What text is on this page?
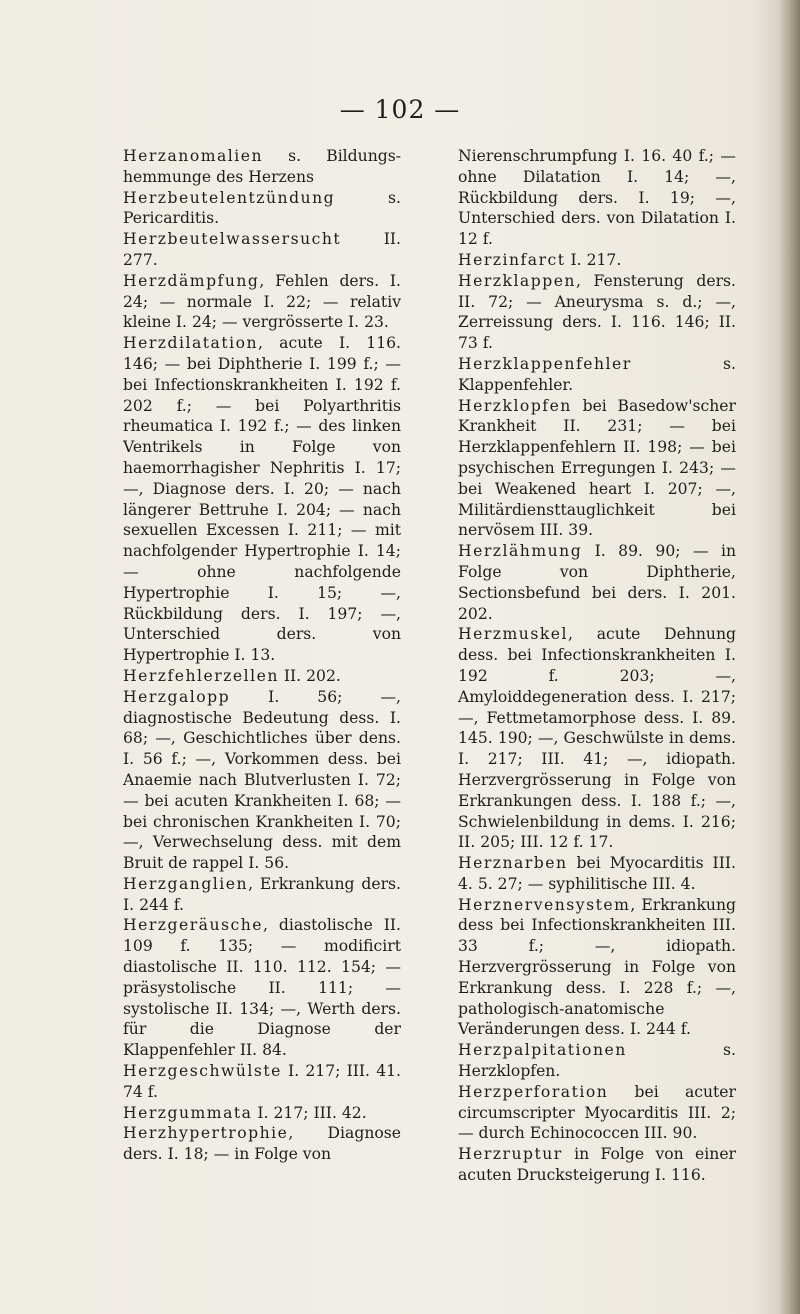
— 102 —
Herzanomalien s. Bildungs-hemmunge des Herzens
Herzbeutelentzündung s. Pericarditis.
Herzbeutelwassersucht II. 277.
Herzdämpfung, Fehlen ders. I. 24; — normale I. 22; — relativ kleine I. 24; — vergrösserte I. 23.
Herzdilatation, acute I. 116. 146; — bei Diphtherie I. 199 f.; — bei Infectionskrankheiten I. 192 f. 202 f.; — bei Polyarthritis rheumatica I. 192 f.; — des linken Ventrikels in Folge von haemorrhagisher Nephritis I. 17; —, Diagnose ders. I. 20; — nach längerer Bettruhe I. 204; — nach sexuellen Excessen I. 211; — mit nachfolgender Hypertrophie I. 14; — ohne nachfolgende Hypertrophie I. 15; —, Rückbildung ders. I. 197; —, Unterschied ders. von Hypertrophie I. 13.
Herzfehlerzellen II. 202.
Herzgalopp I. 56; —, diagnostische Bedeutung dess. I. 68; —, Geschichtliches über dens. I. 56 f.; —, Vorkommen dess. bei Anaemie nach Blutverlusten I. 72; — bei acuten Krankheiten I. 68; — bei chronischen Krankheiten I. 70; —, Verwechselung dess. mit dem Bruit de rappel I. 56.
Herzganglien, Erkrankung ders. I. 244 f.
Herzgeräusche, diastolische II. 109 f. 135; — modificirt diastolische II. 110. 112. 154; — präsystolische II. 111; — systolische II. 134; —, Werth ders. für die Diagnose der Klappenfehler II. 84.
Herzgeschwülste I. 217; III. 41. 74 f.
Herzgummata I. 217; III. 42.
Herzhypertrophie, Diagnose ders. I. 18; — in Folge von
Nierenschrumpfung I. 16. 40 f.; — ohne Dilatation I. 14; —, Rückbildung ders. I. 19; —, Unterschied ders. von Dilatation I. 12 f.
Herzinfarct I. 217.
Herzklappen, Fensterung ders. II. 72; — Aneurysma s. d.; —, Zerreissung ders. I. 116. 146; II. 73 f.
Herzklappenfehler s. Klappenfehler.
Herzklopfen bei Basedow'scher Krankheit II. 231; — bei Herzklappenfehlern II. 198; — bei psychischen Erregungen I. 243; — bei Weakened heart I. 207; —, Militärdiensttauglichkeit bei nervösem III. 39.
Herzlähmung I. 89. 90; — in Folge von Diphtherie, Sectionsbefund bei ders. I. 201. 202.
Herzmuskel, acute Dehnung dess. bei Infectionskrankheiten I. 192 f. 203; —, Amyloiddegeneration dess. I. 217; —, Fettmetamorphose dess. I. 89. 145. 190; —, Geschwülste in dems. I. 217; III. 41; —, idiopath. Herzvergrösserung in Folge von Erkrankungen dess. I. 188 f.; —, Schwielenbildung in dems. I. 216; II. 205; III. 12 f. 17.
Herznarben bei Myocarditis III. 4. 5. 27; — syphilitische III. 4.
Herznervensystem, Erkrankung dess bei Infectionskrankheiten III. 33 f.; —, idiopath. Herzvergrösserung in Folge von Erkrankung dess. I. 228 f.; —, pathologisch-anatomische Veränderungen dess. I. 244 f.
Herzpalpitationen s. Herzklopfen.
Herzperforation bei acuter circumscripter Myocarditis III. 2; — durch Echinococcen III. 90.
Herzruptur in Folge von einer acuten Drucksteigerung I. 116.
